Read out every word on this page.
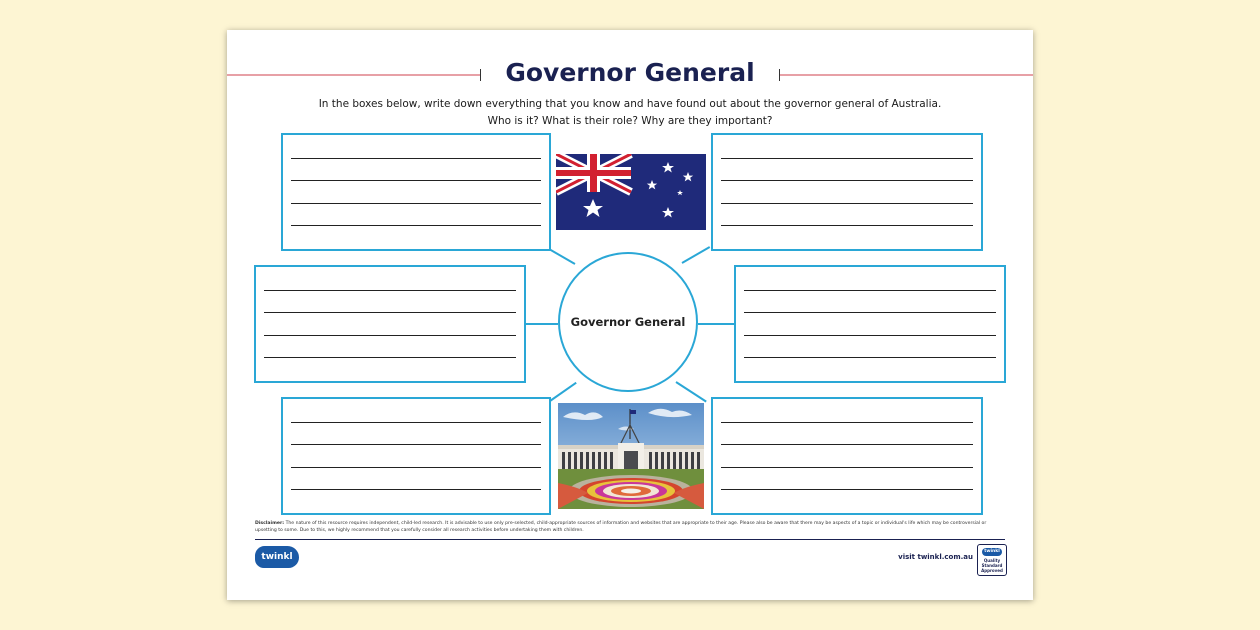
Governor General
In the boxes below, write down everything that you know and have found out about the governor general of Australia.
Who is it? What is their role? Why are they important?
Governor General
Disclaimer: The nature of this resource requires independent, child-led research. It is advisable to use only pre-selected, child-appropriate sources of information and websites that are appropriate to their age. Please also be aware that there may be aspects of a topic or individual's life which may be controversial or upsetting to some. Due to this, we highly recommend that you carefully consider all research activities before undertaking them with children.
twinkl	visit twinkl.com.au
twinkl
Quality Standard Approved
